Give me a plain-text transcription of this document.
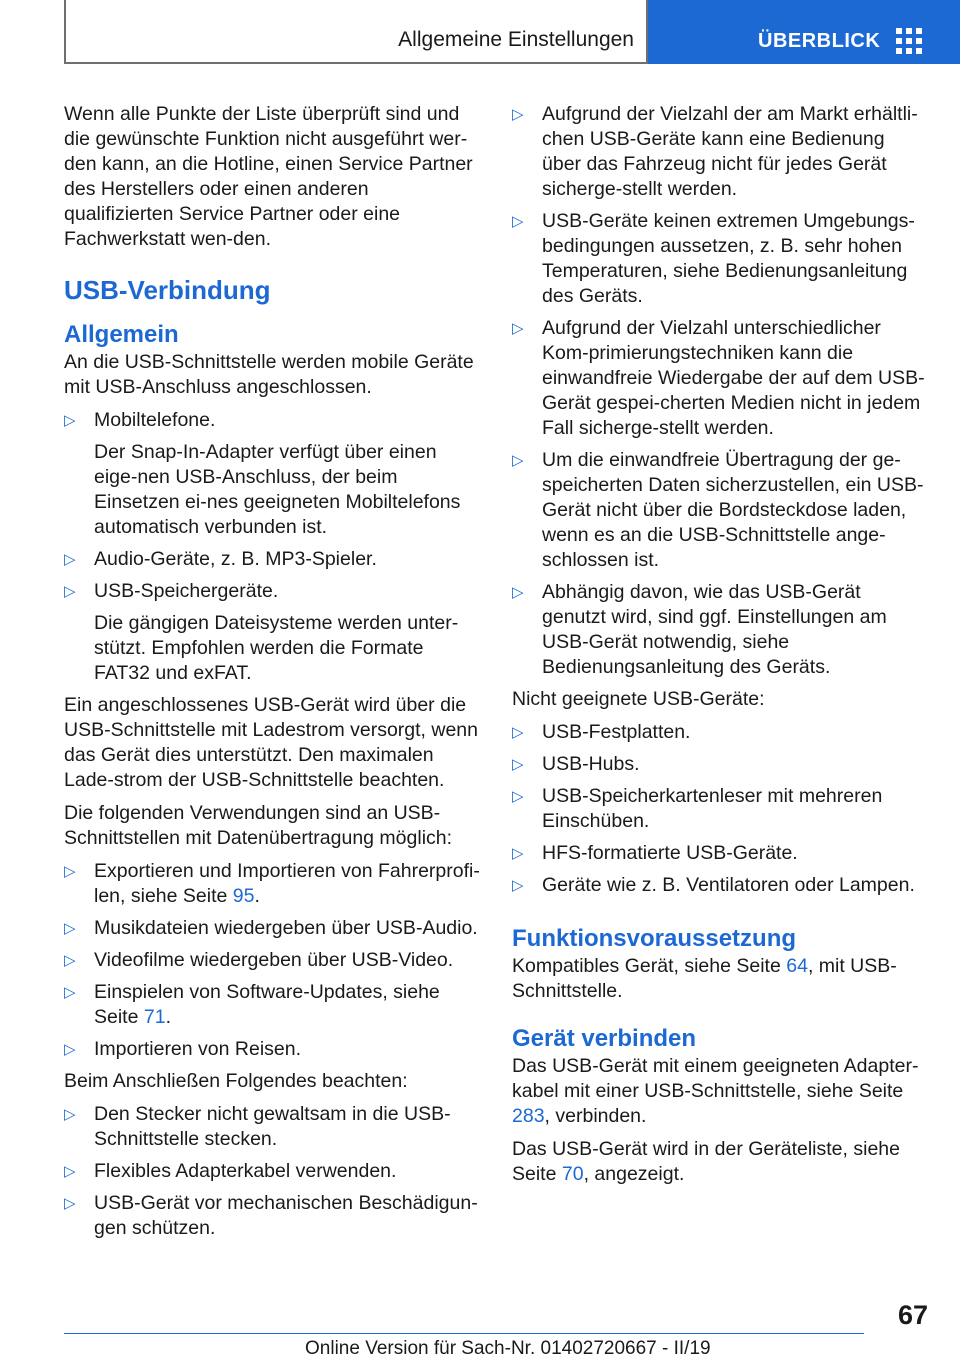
Allgemeine Einstellungen	ÜBERBLICK

Wenn alle Punkte der Liste überprüft sind und die gewünschte Funktion nicht ausgeführt wer‐den kann, an die Hotline, einen Service Partner des Herstellers oder einen anderen qualifizierten Service Partner oder eine Fachwerkstatt wen‐den.

USB-Verbindung
Allgemein

An die USB-Schnittstelle werden mobile Geräte mit USB-Anschluss angeschlossen.

▷ Mobiltelefone.

Der Snap-In-Adapter verfügt über einen eige‐nen USB-Anschluss, der beim Einsetzen ei‐nes geeigneten Mobiltelefons automatisch verbunden ist.

▷ Audio-Geräte, z. B. MP3-Spieler.

▷ USB-Speichergeräte.

Die gängigen Dateisysteme werden unter‐stützt. Empfohlen werden die Formate FAT32 und exFAT.

Ein angeschlossenes USB-Gerät wird über die USB-Schnittstelle mit Ladestrom versorgt, wenn das Gerät dies unterstützt. Den maximalen Lade‐strom der USB-Schnittstelle beachten.

Die folgenden Verwendungen sind an USB-Schnittstellen mit Datenübertragung möglich:

▷ Exportieren und Importieren von Fahrerprofi‐len, siehe Seite 95.

▷ Musikdateien wiedergeben über USB-Audio.

▷ Videofilme wiedergeben über USB-Video.

▷ Einspielen von Software-Updates, siehe Seite 71.

▷ Importieren von Reisen.

Beim Anschließen Folgendes beachten:

▷ Den Stecker nicht gewaltsam in die USB-Schnittstelle stecken.

▷ Flexibles Adapterkabel verwenden.

▷ USB-Gerät vor mechanischen Beschädigun‐gen schützen.

▷ Aufgrund der Vielzahl der am Markt erhältli‐chen USB-Geräte kann eine Bedienung über das Fahrzeug nicht für jedes Gerät sicherge‐stellt werden.

▷ USB-Geräte keinen extremen Umgebungs‐bedingungen aussetzen, z. B. sehr hohen Temperaturen, siehe Bedienungsanleitung des Geräts.

▷ Aufgrund der Vielzahl unterschiedlicher Kom‐primierungstechniken kann die einwandfreie Wiedergabe der auf dem USB-Gerät gespei‐cherten Medien nicht in jedem Fall sicherge‐stellt werden.

▷ Um die einwandfreie Übertragung der ge‐speicherten Daten sicherzustellen, ein USB-Gerät nicht über die Bordsteckdose laden, wenn es an die USB-Schnittstelle ange‐schlossen ist.

▷ Abhängig davon, wie das USB-Gerät genutzt wird, sind ggf. Einstellungen am USB-Gerät notwendig, siehe Bedienungsanleitung des Geräts.

Nicht geeignete USB-Geräte:

▷ USB-Festplatten.

▷ USB-Hubs.

▷ USB-Speicherkartenleser mit mehreren Einschüben.

▷ HFS-formatierte USB-Geräte.

▷ Geräte wie z. B. Ventilatoren oder Lampen.

Funktionsvoraussetzung

Kompatibles Gerät, siehe Seite 64, mit USB-Schnittstelle.

Gerät verbinden

Das USB-Gerät mit einem geeigneten Adapter‐kabel mit einer USB-Schnittstelle, siehe Seite 283, verbinden.

Das USB-Gerät wird in der Geräteliste, siehe Seite 70, angezeigt.

67
Online Version für Sach-Nr. 01402720667 - II/19
